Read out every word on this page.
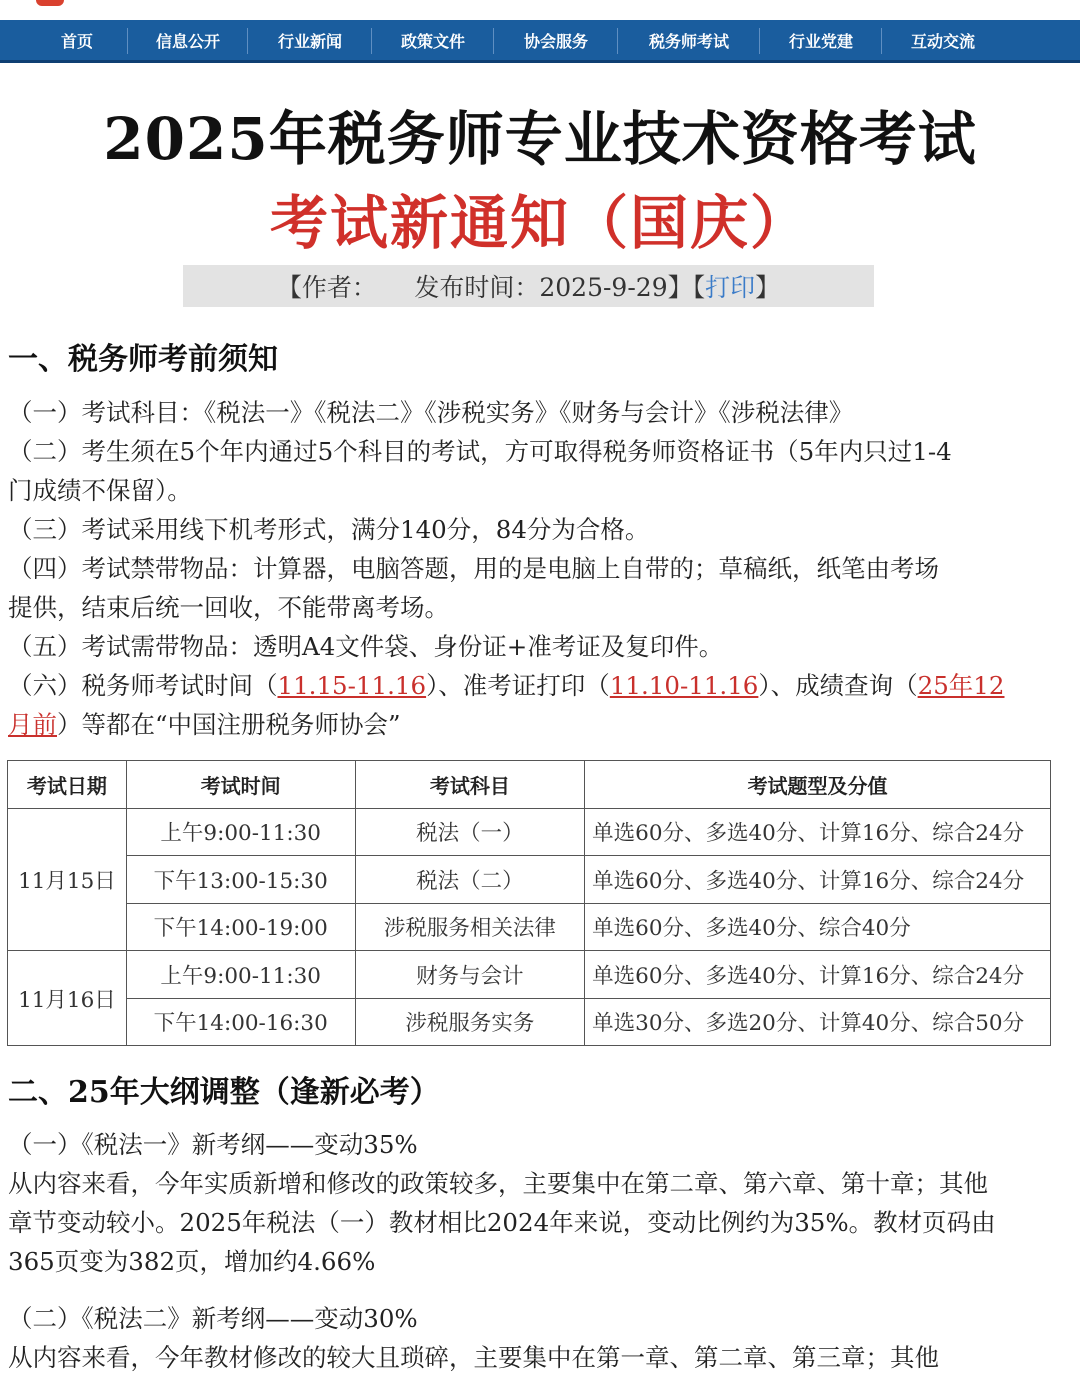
首页	信息公开	行业新闻	政策文件	协会服务	税务师考试	行业党建	互动交流
2025年税务师专业技术资格考试
考试新通知（国庆）
【作者：　　发布时间：2025-9-29】【 打印 】
一、税务师考前须知
（一）考试科目：《税法一》《税法二》《涉税实务》《财务与会计》《涉税法律》
（二）考生须在5个年内通过5个科目的考试，方可取得税务师资格证书（5年内只过1-4
门成绩不保留）。
（三）考试采用线下机考形式，满分140分，84分为合格。
（四）考试禁带物品：计算器，电脑答题，用的是电脑上自带的；草稿纸，纸笔由考场
提供，结束后统一回收，不能带离考场。
（五）考试需带物品：透明A4文件袋、身份证+准考证及复印件。
（六）税务师考试时间（11.15-11.16）、准考证打印（11.10-11.16）、成绩查询（25年12
月前）等都在“中国注册税务师协会”
考试日期	考试时间	考试科目	考试题型及分值
11月15日	上午9:00-11:30	税法（一）	单选60分、多选40分、计算16分、综合24分
	下午13:00-15:30	税法（二）	单选60分、多选40分、计算16分、综合24分
	下午14:00-19:00	涉税服务相关法律	单选60分、多选40分、综合40分
11月16日	上午9:00-11:30	财务与会计	单选60分、多选40分、计算16分、综合24分
	下午14:00-16:30	涉税服务实务	单选30分、多选20分、计算40分、综合50分
二、25年大纲调整（逢新必考）
（一）《税法一》新考纲——变动35%
从内容来看，今年实质新增和修改的政策较多，主要集中在第二章、第六章、第十章；其他
章节变动较小。2025年税法（一）教材相比2024年来说，变动比例约为35%。教材页码由
365页变为382页，增加约4.66%
（二）《税法二》新考纲——变动30%
从内容来看，今年教材修改的较大且琐碎，主要集中在第一章、第二章、第三章；其他
